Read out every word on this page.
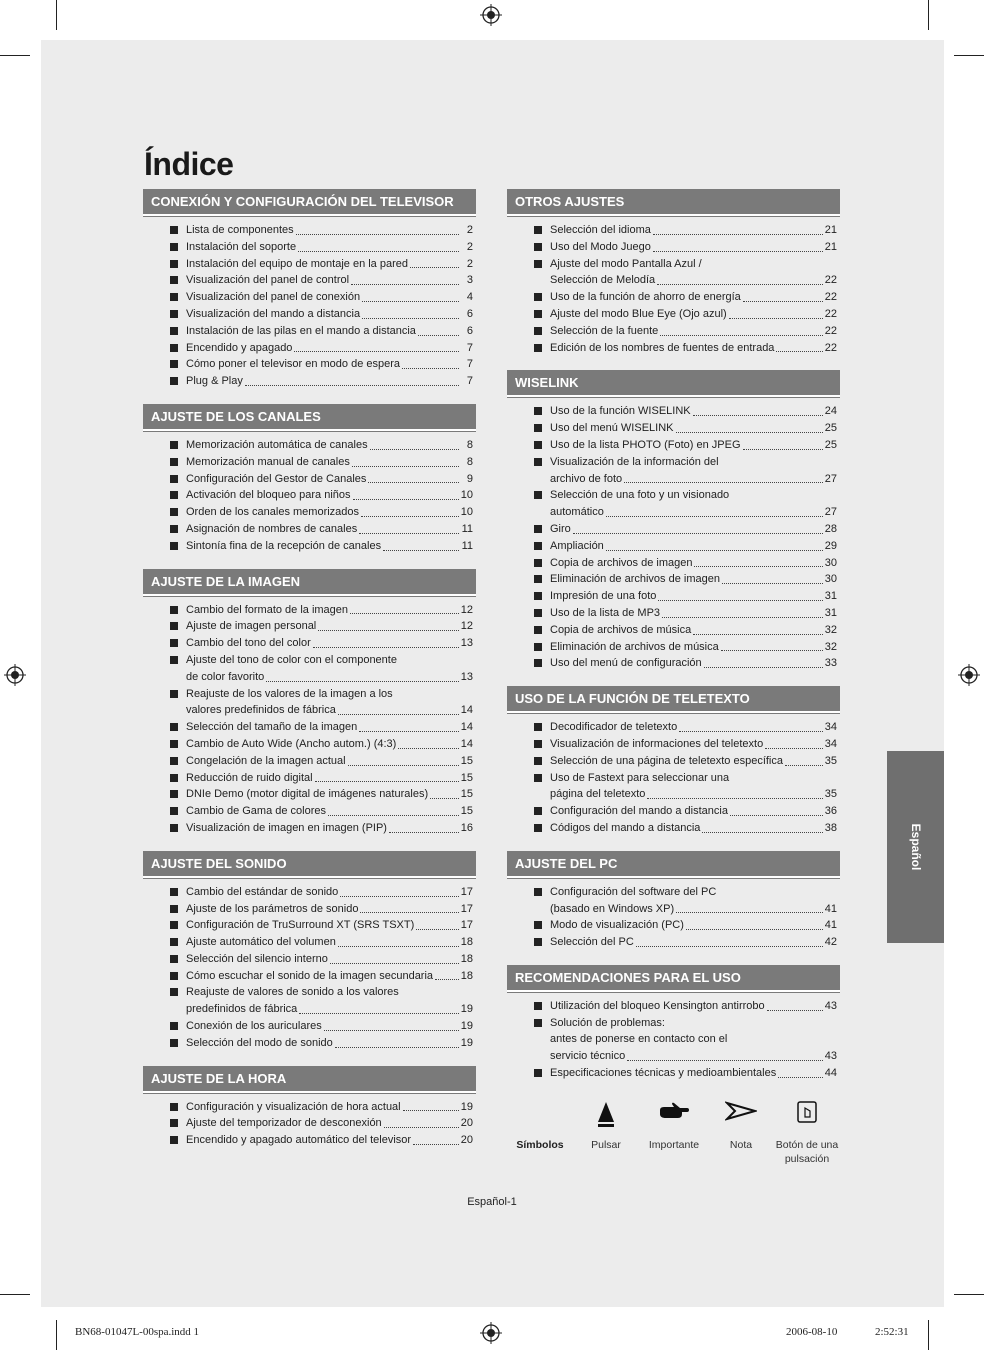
Índice
CONEXIÓN Y CONFIGURACIÓN DEL TELEVISOR
Lista de componentes	2
Instalación del soporte	2
Instalación del equipo de montaje en la pared	2
Visualización del panel de control	3
Visualización del panel de conexión	4
Visualización del mando a distancia	6
Instalación de las pilas en el mando a distancia	6
Encendido y apagado	7
Cómo poner el televisor en modo de espera	7
Plug & Play	7
AJUSTE DE LOS CANALES
Memorización automática de canales	8
Memorización manual de canales	8
Configuración del Gestor de Canales	9
Activación del bloqueo para niños	10
Orden de los canales memorizados	10
Asignación de nombres de canales	11
Sintonía fina de la recepción de canales	11
AJUSTE DE LA IMAGEN
Cambio del formato de la imagen	12
Ajuste de imagen personal	12
Cambio del tono del color	13
Ajuste del tono de color con el componente
de color favorito	13
Reajuste de los valores de la imagen a los
valores predefinidos de fábrica	14
Selección del tamaño de la imagen	14
Cambio de Auto Wide (Ancho autom.) (4:3)	14
Congelación de la imagen actual	15
Reducción de ruido digital	15
DNIe Demo (motor digital de imágenes naturales)	15
Cambio de Gama de colores	15
Visualización de imagen en imagen (PIP)	16
AJUSTE DEL SONIDO
Cambio del estándar de sonido	17
Ajuste de los parámetros de sonido	17
Configuración de TruSurround XT (SRS TSXT)	17
Ajuste automático del volumen	18
Selección del silencio interno	18
Cómo escuchar el sonido de la imagen secundaria	18
Reajuste de valores de sonido a los valores
predefinidos de fábrica	19
Conexión de los auriculares	19
Selección del modo de sonido	19
AJUSTE DE LA HORA
Configuración y visualización de hora actual	19
Ajuste del temporizador de desconexión	20
Encendido y apagado automático del televisor	20
OTROS AJUSTES
Selección del idioma	21
Uso del Modo Juego	21
Ajuste del modo Pantalla Azul /
Selección de Melodía	22
Uso de la función de ahorro de energía	22
Ajuste del modo Blue Eye (Ojo azul)	22
Selección de la fuente	22
Edición de los nombres de fuentes de entrada	22
WISELINK
Uso de la función WISELINK	24
Uso del menú WISELINK	25
Uso de la lista PHOTO (Foto) en JPEG	25
Visualización de la información del
archivo de foto	27
Selección de una foto y un visionado
automático	27
Giro	28
Ampliación	29
Copia de archivos de imagen	30
Eliminación de archivos de imagen	30
Impresión de una foto	31
Uso de la lista de MP3	31
Copia de archivos de música	32
Eliminación de archivos de música	32
Uso del menú de configuración	33
USO DE LA FUNCIÓN DE TELETEXTO
Decodificador de teletexto	34
Visualización de informaciones del teletexto	34
Selección de una página de teletexto específica	35
Uso de Fastext para seleccionar una
página del teletexto	35
Configuración del mando a distancia	36
Códigos del mando a distancia	38
AJUSTE DEL PC
Configuración del software del PC
(basado en Windows XP)	41
Modo de visualización (PC)	41
Selección del PC	42
RECOMENDACIONES PARA EL USO
Utilización del bloqueo Kensington antirrobo	43
Solución de problemas:
antes de ponerse en contacto con el
servicio técnico	43
Especificaciones técnicas y medioambientales	44
Español
Símbolos	Pulsar	Importante	Nota	Botón de una pulsación
Español-1
BN68-01047L-00spa.indd 1	2006-08-10	2:52:31
